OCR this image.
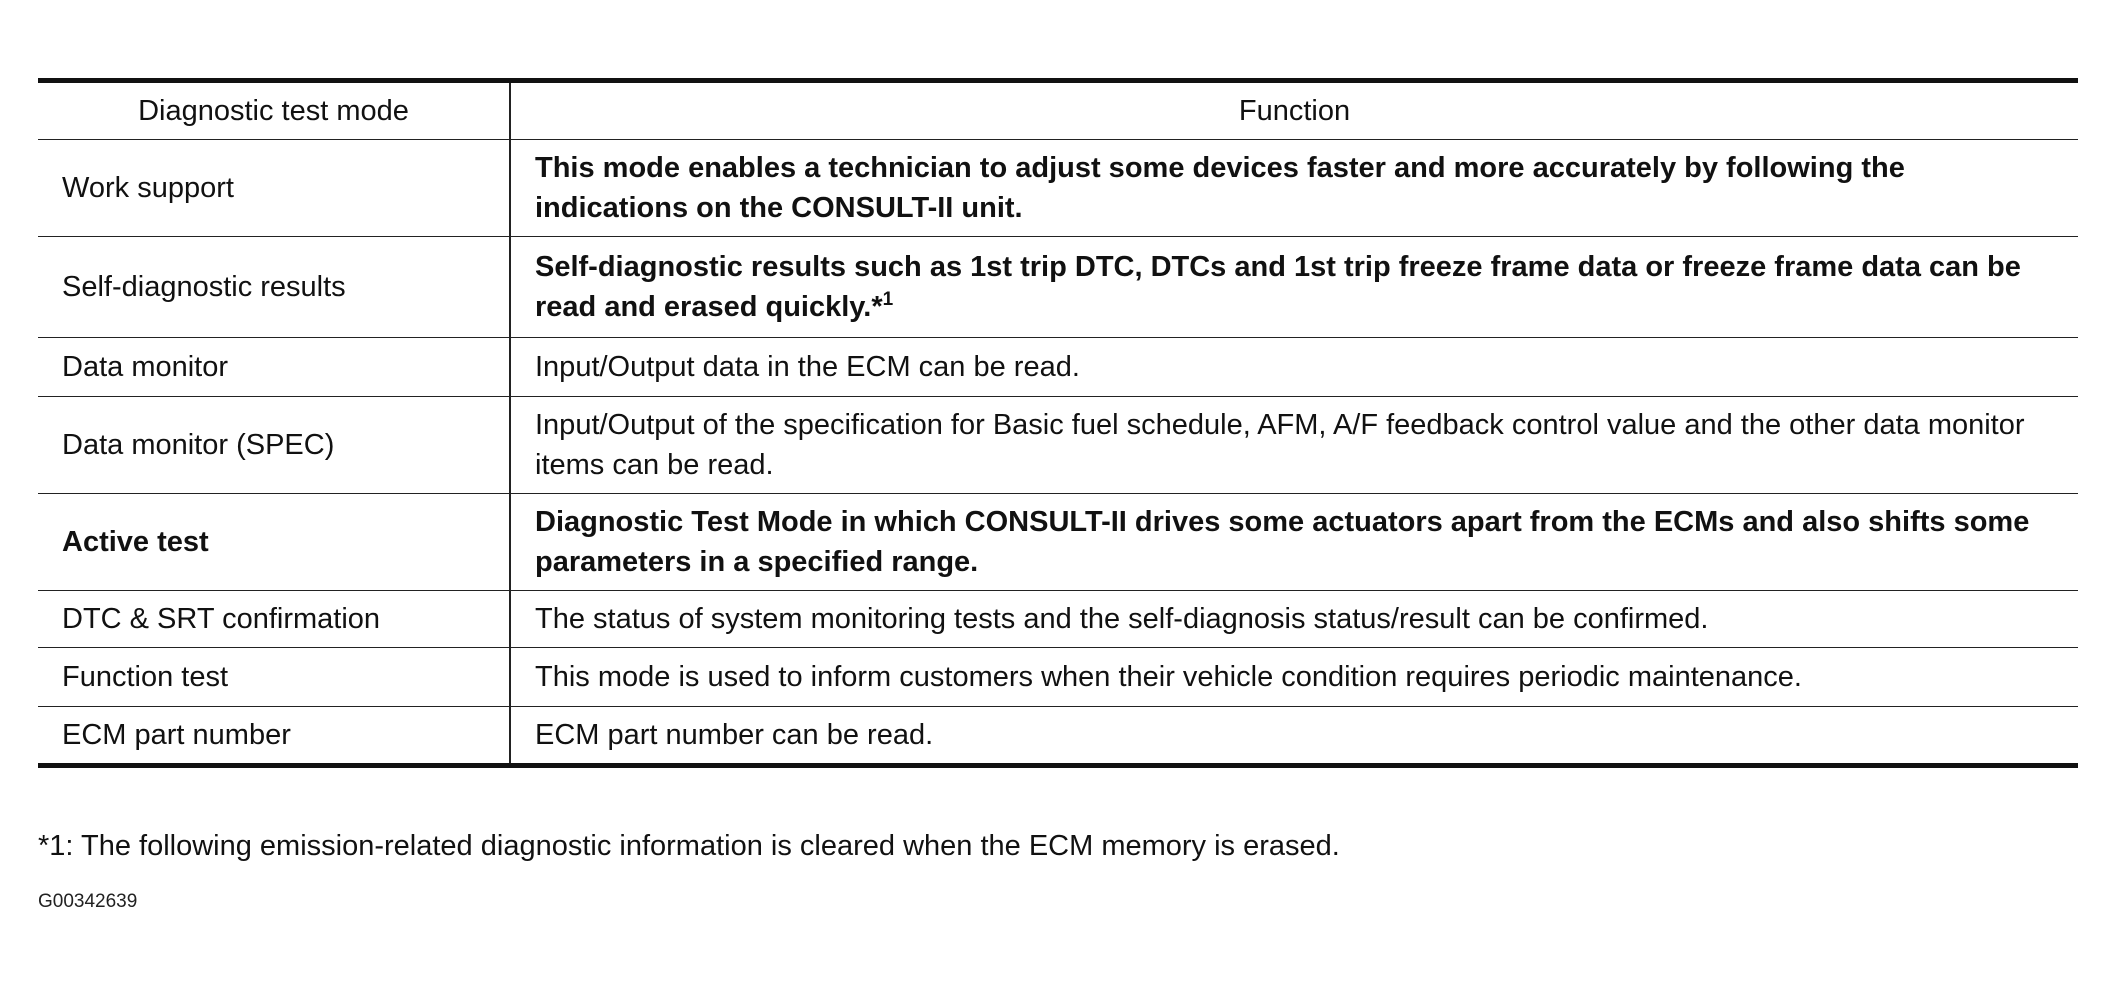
Diagnostic test mode	Function
Work support	This mode enables a technician to adjust some devices faster and more accurately by following the indications on the CONSULT-II unit.
Self-diagnostic results	Self-diagnostic results such as 1st trip DTC, DTCs and 1st trip freeze frame data or freeze frame data can be read and erased quickly.*$^1$
Data monitor	Input/Output data in the ECM can be read.
Data monitor (SPEC)	Input/Output of the specification for Basic fuel schedule, AFM, A/F feedback control value and the other data monitor items can be read.
Active test	Diagnostic Test Mode in which CONSULT-II drives some actuators apart from the ECMs and also shifts some parameters in a specified range.
DTC & SRT confirmation	The status of system monitoring tests and the self-diagnosis status/result can be confirmed.
Function test	This mode is used to inform customers when their vehicle condition requires periodic maintenance.
ECM part number	ECM part number can be read.

*1: The following emission-related diagnostic information is cleared when the ECM memory is erased.

G00342639
